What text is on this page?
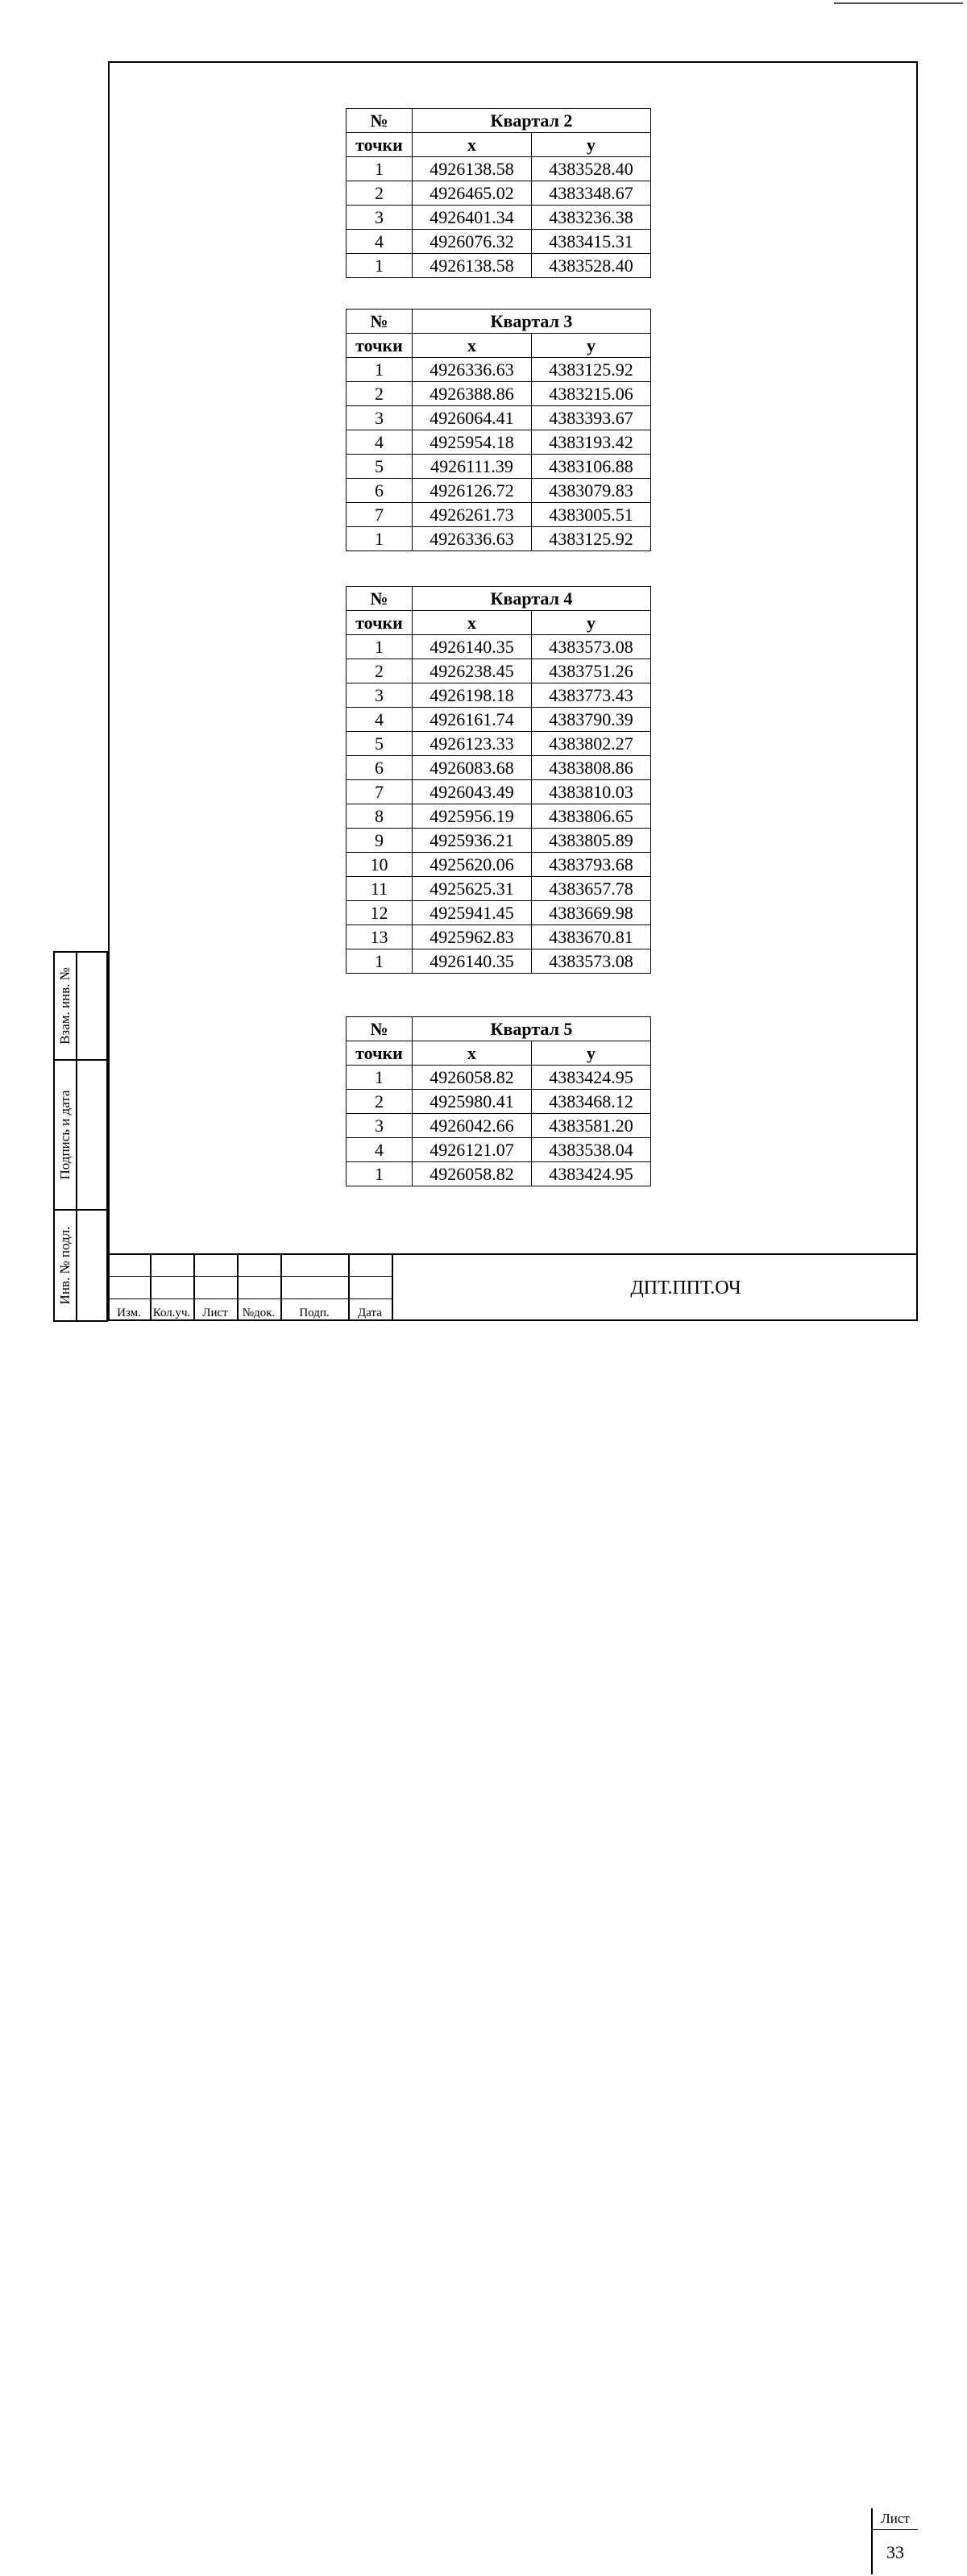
№	Квартал 2	
точки	x	y
1	4926138.58	4383528.40
2	4926465.02	4383348.67
3	4926401.34	4383236.38
4	4926076.32	4383415.31
1	4926138.58	4383528.40
№	Квартал 3	
точки	x	y
1	4926336.63	4383125.92
2	4926388.86	4383215.06
3	4926064.41	4383393.67
4	4925954.18	4383193.42
5	4926111.39	4383106.88
6	4926126.72	4383079.83
7	4926261.73	4383005.51
1	4926336.63	4383125.92
№	Квартал 4	
точки	x	y
1	4926140.35	4383573.08
2	4926238.45	4383751.26
3	4926198.18	4383773.43
4	4926161.74	4383790.39
5	4926123.33	4383802.27
6	4926083.68	4383808.86
7	4926043.49	4383810.03
8	4925956.19	4383806.65
9	4925936.21	4383805.89
10	4925620.06	4383793.68
11	4925625.31	4383657.78
12	4925941.45	4383669.98
13	4925962.83	4383670.81
1	4926140.35	4383573.08
№	Квартал 5	
точки	x	y
1	4926058.82	4383424.95
2	4925980.41	4383468.12
3	4926042.66	4383581.20
4	4926121.07	4383538.04
1	4926058.82	4383424.95
Взам. инв. №
Подпись и дата
Инв. № подл.
Изм. Кол.уч. Лист	№док.	Подп.	Дата
ДПТ.ППТ.ОЧ
Лист
33
